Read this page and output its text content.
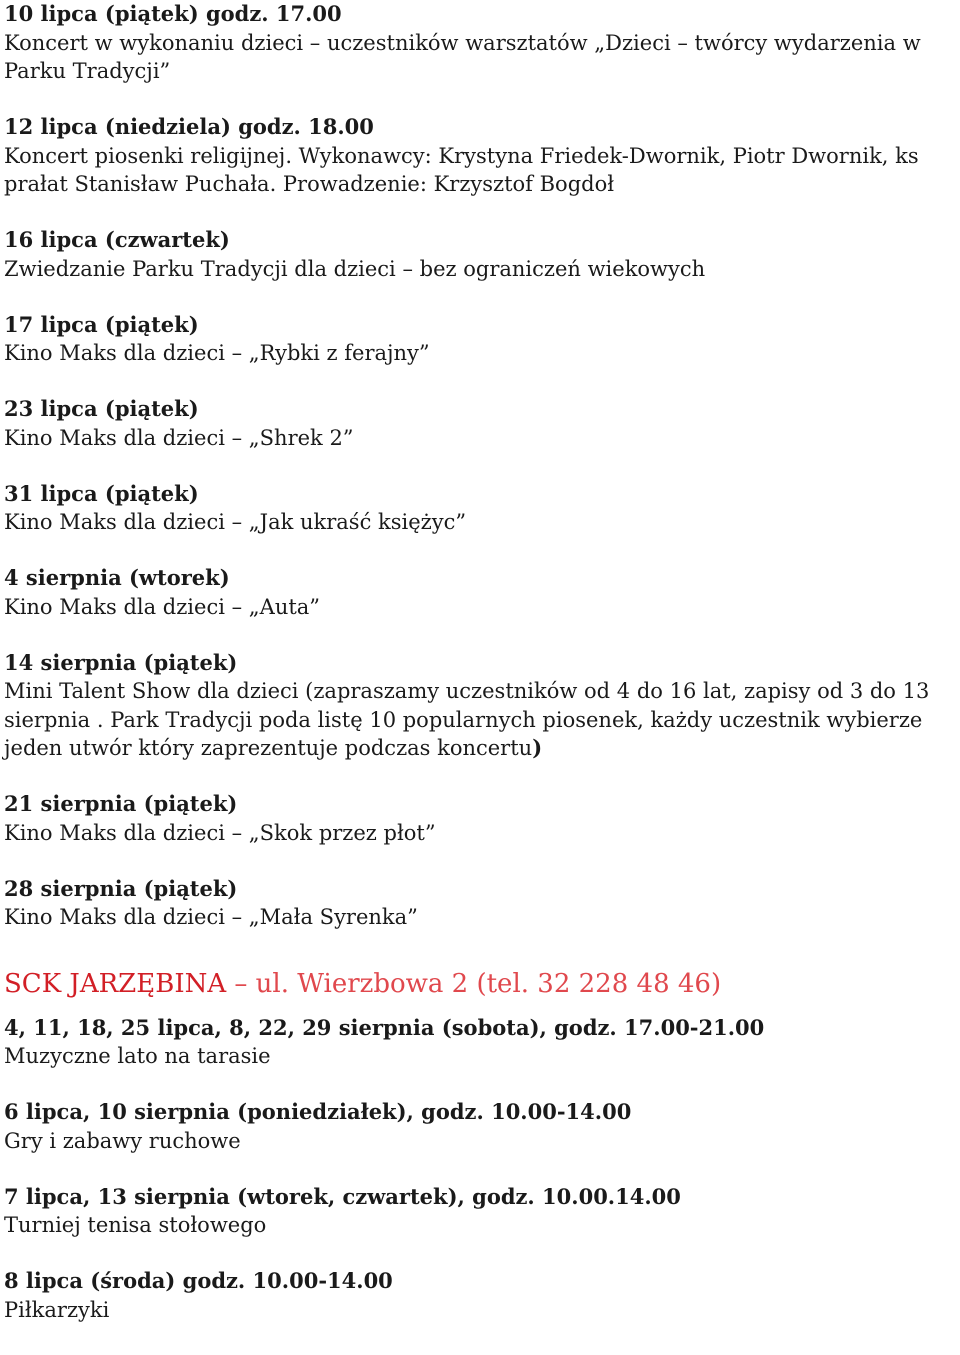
10 lipca (piątek) godz. 17.00
Koncert w wykonaniu dzieci – uczestników warsztatów „Dzieci – twórcy wydarzenia w Parku Tradycji”
12 lipca (niedziela) godz. 18.00
Koncert piosenki religijnej. Wykonawcy: Krystyna Friedek-Dwornik, Piotr Dwornik, ks prałat Stanisław Puchała. Prowadzenie: Krzysztof Bogdoł
16 lipca (czwartek)
Zwiedzanie Parku Tradycji dla dzieci – bez ograniczeń wiekowych
17 lipca (piątek)
Kino Maks dla dzieci – „Rybki z ferajny”
23 lipca (piątek)
Kino Maks dla dzieci – „Shrek 2”
31 lipca (piątek)
Kino Maks dla dzieci – „Jak ukraść księżyc”
4 sierpnia (wtorek)
Kino Maks dla dzieci – „Auta”
14 sierpnia (piątek)
Mini Talent Show dla dzieci (zapraszamy uczestników od 4 do 16 lat, zapisy od 3 do 13 sierpnia . Park Tradycji poda listę 10 popularnych piosenek, każdy uczestnik wybierze jeden utwór który zaprezentuje podczas koncertu)
21 sierpnia (piątek)
Kino Maks dla dzieci – „Skok przez płot”
28 sierpnia (piątek)
Kino Maks dla dzieci – „Mała Syrenka”
SCK JARZĘBINA – ul. Wierzbowa 2 (tel. 32 228 48 46)
4, 11, 18, 25 lipca, 8, 22, 29 sierpnia (sobota), godz. 17.00-21.00
Muzyczne lato na tarasie
6 lipca, 10 sierpnia (poniedziałek), godz. 10.00-14.00
Gry i zabawy ruchowe
7 lipca, 13 sierpnia (wtorek, czwartek), godz. 10.00.14.00
Turniej tenisa stołowego
8 lipca (środa) godz. 10.00-14.00
Piłkarzyki
